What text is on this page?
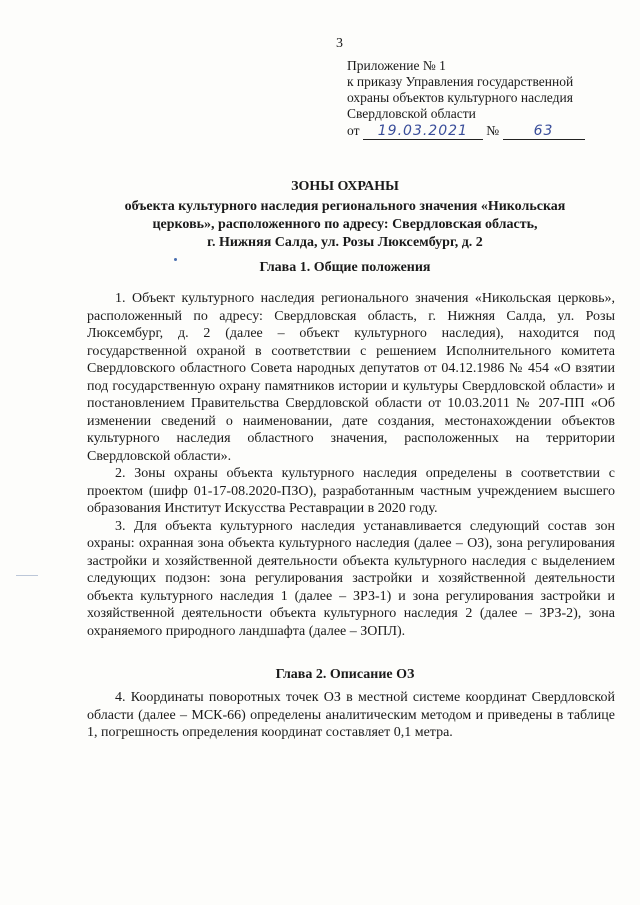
3
Приложение № 1
к приказу Управления государственной
охраны объектов культурного наследия
Свердловской области
от 19.03.2021 № 63
ЗОНЫ ОХРАНЫ
объекта культурного наследия регионального значения «Никольская
церковь», расположенного по адресу: Свердловская область,
г. Нижняя Салда, ул. Розы Люксембург, д. 2
Глава 1. Общие положения

1. Объект культурного наследия регионального значения «Никольская церковь», расположенный по адресу: Свердловская область, г. Нижняя Салда, ул. Розы Люксембург, д. 2 (далее – объект культурного наследия), находится под государственной охраной в соответствии с решением Исполнительного комитета Свердловского областного Совета народных депутатов от 04.12.1986 № 454 «О взятии под государственную охрану памятников истории и культуры Свердловской области» и постановлением Правительства Свердловской области от 10.03.2011 № 207-ПП «Об изменении сведений о наименовании, дате создания, местонахождении объектов культурного наследия областного значения, расположенных на территории Свердловской области».

2. Зоны охраны объекта культурного наследия определены в соответствии с проектом (шифр 01-17-08.2020-ПЗО), разработанным частным учреждением высшего образования Институт Искусства Реставрации в 2020 году.

3. Для объекта культурного наследия устанавливается следующий состав зон охраны: охранная зона объекта культурного наследия (далее – ОЗ), зона регулирования застройки и хозяйственной деятельности объекта культурного наследия с выделением следующих подзон: зона регулирования застройки и хозяйственной деятельности объекта культурного наследия 1 (далее – ЗРЗ-1) и зона регулирования застройки и хозяйственной деятельности объекта культурного наследия 2 (далее – ЗРЗ-2), зона охраняемого природного ландшафта (далее – ЗОПЛ).

Глава 2. Описание ОЗ

4. Координаты поворотных точек ОЗ в местной системе координат Свердловской области (далее – МСК-66) определены аналитическим методом и приведены в таблице 1, погрешность определения координат составляет 0,1 метра.
